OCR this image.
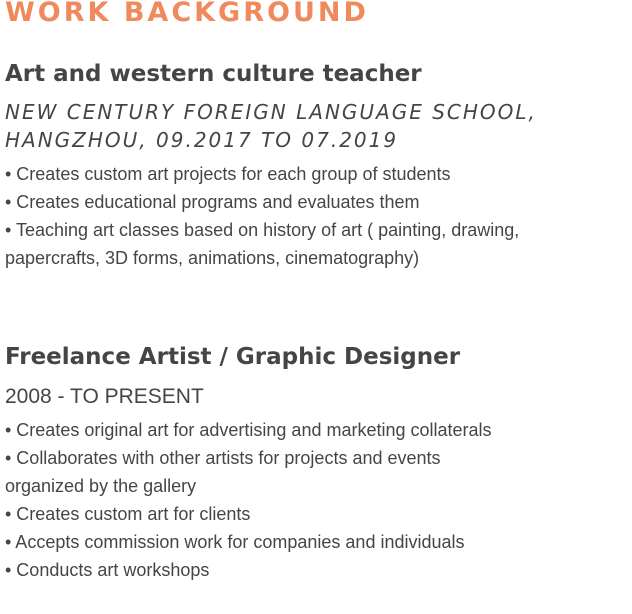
WORK BACKGROUND
Art and western culture teacher

NEW CENTURY FOREIGN LANGUAGE SCHOOL,
HANGZHOU, 09.2017 TO 07.2019

• Creates custom art projects for each group of students
• Creates educational programs and evaluates them
• Teaching art classes based on history of art ( painting, drawing,
papercrafts, 3D forms, animations, cinematography)
Freelance Artist / Graphic Designer

2008 - TO PRESENT

• Creates original art for advertising and marketing collaterals
• Collaborates with other artists for projects and events
organized by the gallery
• Creates custom art for clients
• Accepts commission work for companies and individuals
• Conducts art workshops
